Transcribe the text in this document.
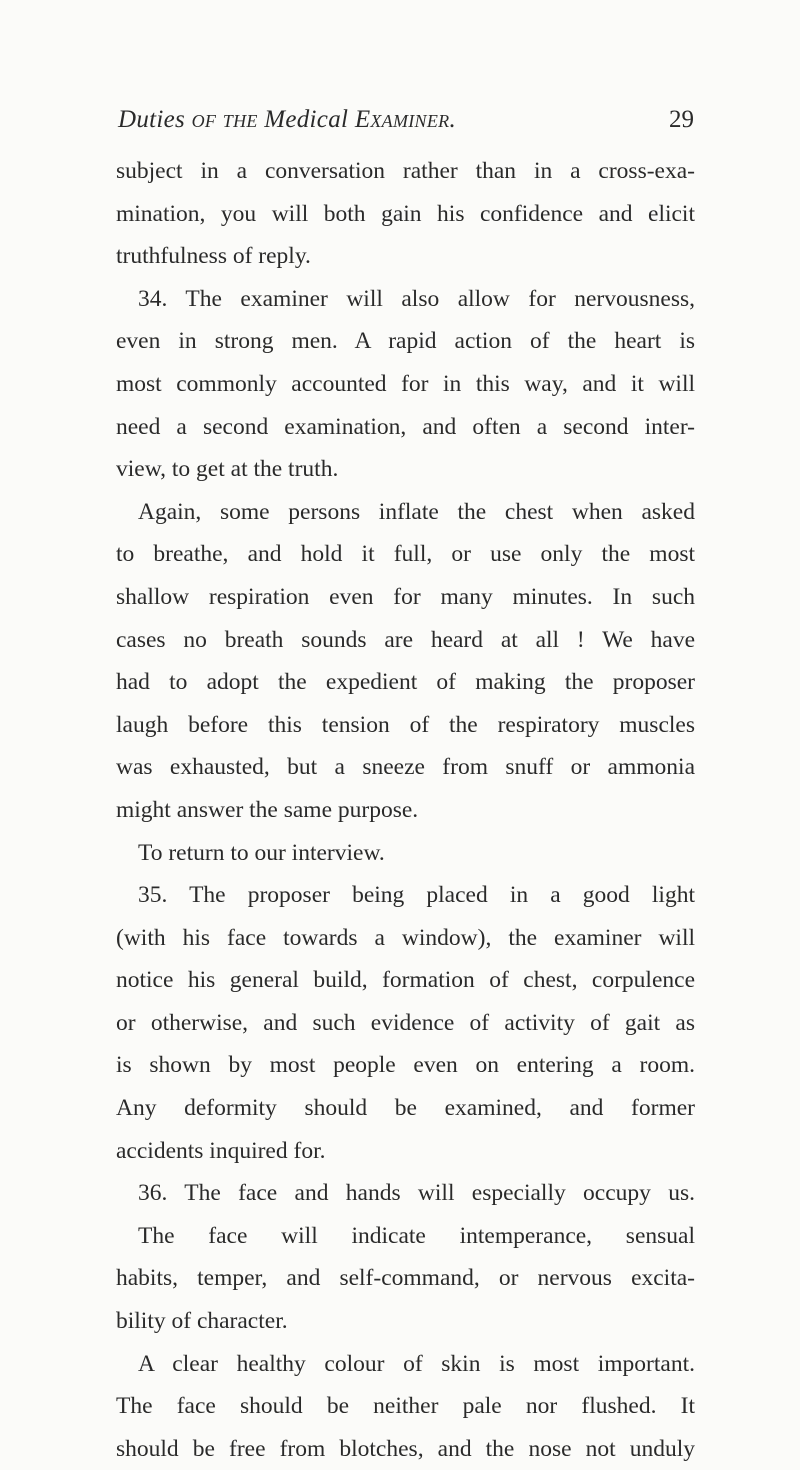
Duties of the Medical Examiner.	29
subject in a conversation rather than in a cross-exa-
mination, you will both gain his confidence and elicit
truthfulness of reply.
34. The examiner will also allow for nervousness,
even in strong men. A rapid action of the heart is
most commonly accounted for in this way, and it will
need a second examination, and often a second inter-
view, to get at the truth.
Again, some persons inflate the chest when asked
to breathe, and hold it full, or use only the most
shallow respiration even for many minutes. In such
cases no breath sounds are heard at all ! We have
had to adopt the expedient of making the proposer
laugh before this tension of the respiratory muscles
was exhausted, but a sneeze from snuff or ammonia
might answer the same purpose.
To return to our interview.
35. The proposer being placed in a good light
(with his face towards a window), the examiner will
notice his general build, formation of chest, corpulence
or otherwise, and such evidence of activity of gait as
is shown by most people even on entering a room.
Any deformity should be examined, and former
accidents inquired for.
36. The face and hands will especially occupy us.
The face will indicate intemperance, sensual
habits, temper, and self-command, or nervous excita-
bility of character.
A clear healthy colour of skin is most important.
The face should be neither pale nor flushed. It
should be free from blotches, and the nose not unduly
